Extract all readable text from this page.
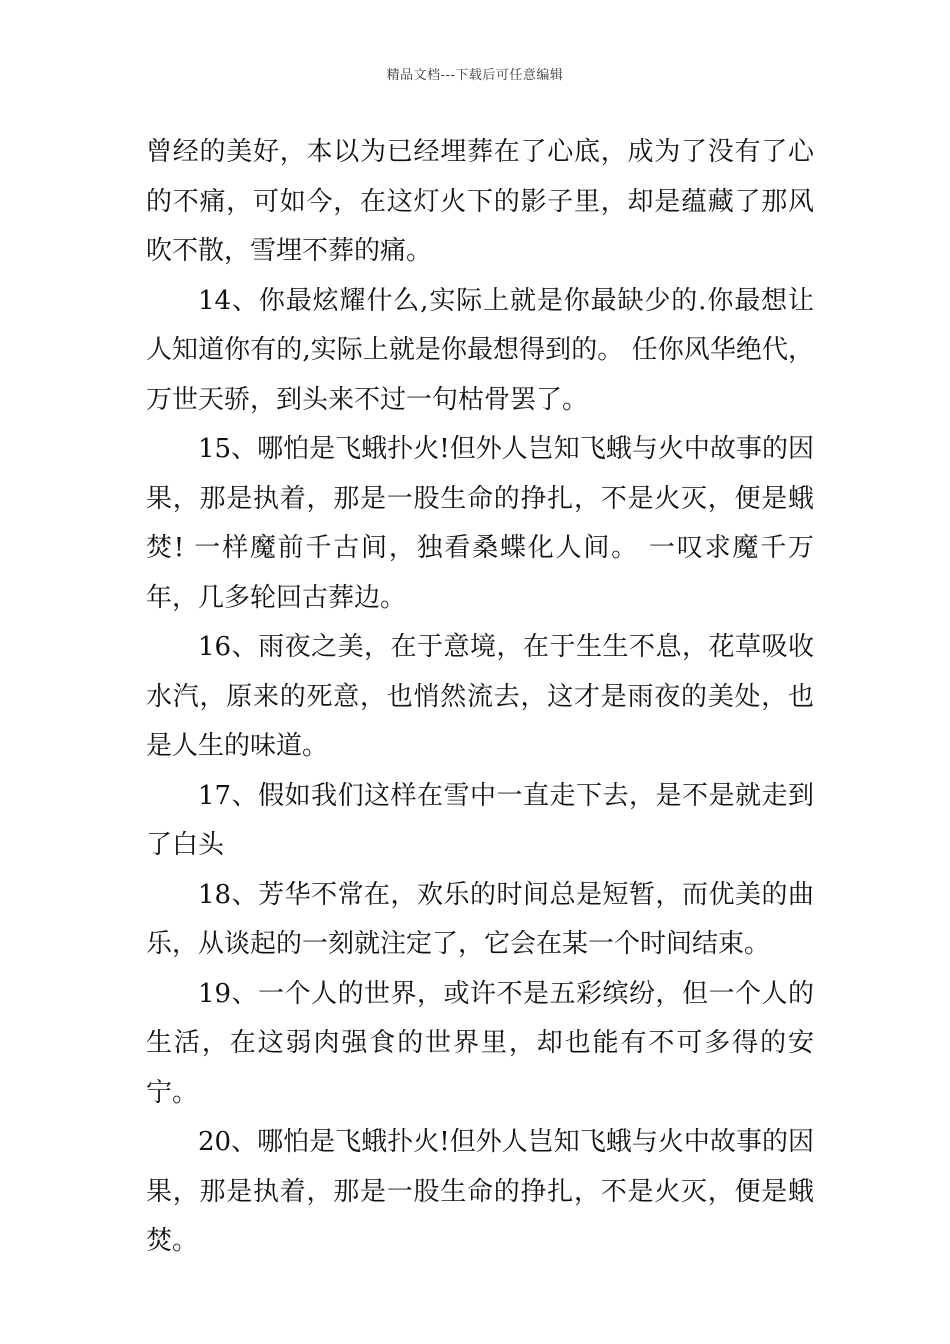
精品文档---下载后可任意编辑

曾经的美好，本以为已经埋葬在了心底，成为了没有了心的不痛，可如今，在这灯火下的影子里，却是蕴藏了那风吹不散，雪埋不葬的痛。

14、你最炫耀什么,实际上就是你最缺少的.你最想让人知道你有的,实际上就是你最想得到的。 任你风华绝代，万世天骄，到头来不过一句枯骨罢了。

15、哪怕是飞蛾扑火!但外人岂知飞蛾与火中故事的因果，那是执着，那是一股生命的挣扎，不是火灭，便是蛾焚! 一样魔前千古间，独看桑蝶化人间。 一叹求魔千万年，几多轮回古葬边。

16、雨夜之美，在于意境，在于生生不息，花草吸收水汽，原来的死意，也悄然流去，这才是雨夜的美处，也是人生的味道。

17、假如我们这样在雪中一直走下去，是不是就走到了白头

18、芳华不常在，欢乐的时间总是短暂，而优美的曲乐，从谈起的一刻就注定了，它会在某一个时间结束。

19、一个人的世界，或许不是五彩缤纷，但一个人的生活，在这弱肉强食的世界里，却也能有不可多得的安宁。

20、哪怕是飞蛾扑火!但外人岂知飞蛾与火中故事的因果，那是执着，那是一股生命的挣扎，不是火灭，便是蛾焚。
